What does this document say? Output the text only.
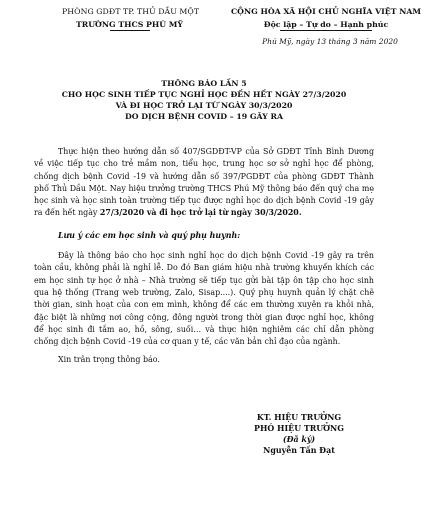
PHÒNG GDĐT TP. THỦ DẦU MỘT
TRƯỜNG THCS PHÚ MỸ
CỘNG HÒA XÃ HỘI CHỦ NGHĨA VIỆT NAM
Độc lập – Tự do – Hạnh phúc
Phú Mỹ, ngày 13 tháng 3 năm 2020
THÔNG BÁO LẦN 5
CHO HỌC SINH TIẾP TỤC NGHỈ HỌC ĐẾN HẾT NGÀY 27/3/2020
VÀ ĐI HỌC TRỞ LẠI TỪ NGÀY 30/3/2020
DO DỊCH BỆNH COVID – 19 GÂY RA

Thực hiện theo hướng dẫn số 407/SGDĐT-VP của Sở GDĐT Tỉnh Bình Dương về việc tiếp tục cho trẻ mầm non, tiểu học, trung học sơ sở nghỉ học để phòng, chống dịch bệnh Covid -19 và hướng dẫn số 397/PGDĐT của phòng GDĐT Thành phố Thủ Dầu Một. Nay hiệu trưởng trường THCS Phú Mỹ thông báo đến quý cha mẹ học sinh và học sinh toàn trường tiếp tục được nghỉ học do dịch bệnh Covid -19 gây ra đến hết ngày 27/3/2020 và đi học trở lại từ ngày 30/3/2020.

Lưu ý các em học sinh và quý phụ huynh:

Đây là thông báo cho học sinh nghỉ học do dịch bệnh Covid -19 gây ra trên toàn cầu, không phải là nghỉ lễ. Do đó Ban giám hiệu nhà trường khuyến khích các em học sinh tự học ở nhà – Nhà trường sẽ tiếp tục gửi bài tập ôn tập cho học sinh qua hệ thống (Trang web trường, Zalo, Sisap....). Quý phụ huynh quản lý chặt chẽ thời gian, sinh hoạt của con em mình, không để các em thường xuyên ra khỏi nhà, đặc biệt là những nơi công cộng, đông người trong thời gian được nghỉ học, không để học sinh đi tắm ao, hồ, sông, suối… và thực hiện nghiêm các chỉ dẫn phòng chống dịch bệnh Covid -19 của cơ quan y tế, các văn bản chỉ đạo của ngành.

Xin trân trọng thông báo.

KT. HIỆU TRƯỞNG
PHÓ HIỆU TRƯỞNG
(Đã ký)
Nguyễn Tấn Đạt
